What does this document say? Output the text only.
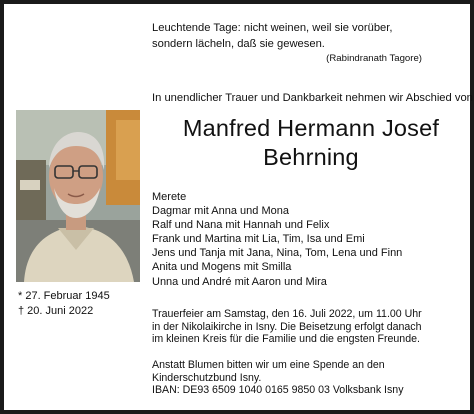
Leuchtende Tage: nicht weinen, weil sie vorüber,
sondern lächeln, daß sie gewesen.
(Rabindranath Tagore)
In unendlicher Trauer und Dankbarkeit nehmen wir Abschied von
Manfred Hermann Josef
Behrning
Merete
Dagmar mit Anna und Mona
Ralf und Nana mit Hannah und Felix
Frank und Martina mit Lia, Tim, Isa und Emi
Jens und Tanja mit Jana, Nina, Tom, Lena und Finn
Anita und Mogens mit Smilla
Unna und André mit Aaron und Mira
* 27. Februar 1945
† 20. Juni 2022	Trauerfeier am Samstag, den 16. Juli 2022, um 11.00 Uhr
in der Nikolaikirche in Isny. Die Beisetzung erfolgt danach
im kleinen Kreis für die Familie und die engsten Freunde.
Anstatt Blumen bitten wir um eine Spende an den
Kinderschutzbund Isny.
IBAN: DE93 6509 1040 0165 9850 03 Volksbank Isny
